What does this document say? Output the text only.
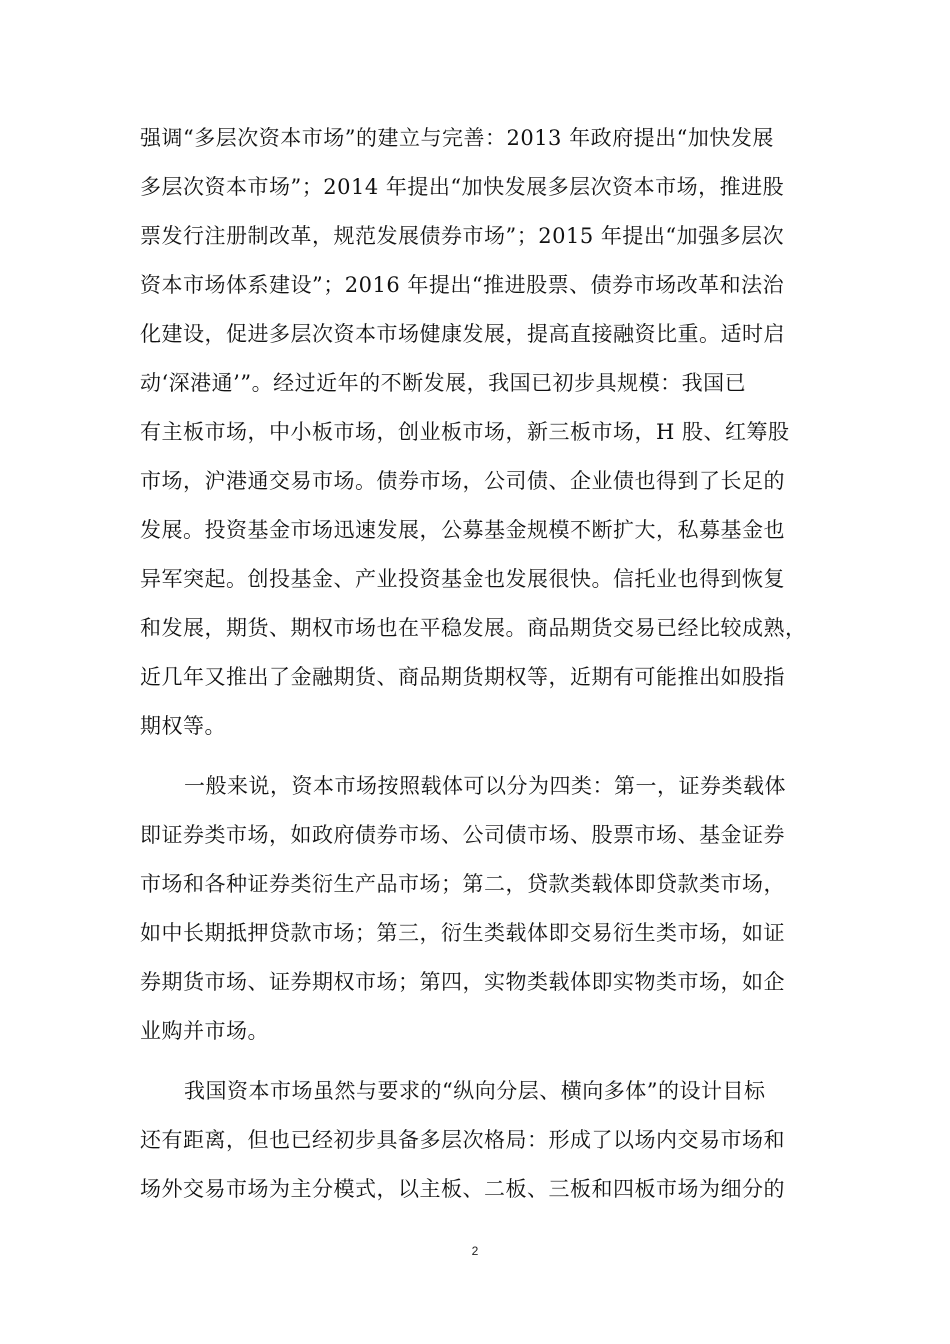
强调“多层次资本市场”的建立与完善：2013 年政府提出“加快发展
多层次资本市场”；2014 年提出“加快发展多层次资本市场，推进股
票发行注册制改革，规范发展债券市场”；2015 年提出“加强多层次
资本市场体系建设”；2016 年提出“推进股票、债券市场改革和法治
化建设，促进多层次资本市场健康发展，提高直接融资比重。适时启
动‘深港通’”。经过近年的不断发展，我国已初步具规模：我国已
有主板市场，中小板市场，创业板市场，新三板市场，H 股、红筹股
市场，沪港通交易市场。债券市场，公司债、企业债也得到了长足的
发展。投资基金市场迅速发展，公募基金规模不断扩大，私募基金也
异军突起。创投基金、产业投资基金也发展很快。信托业也得到恢复
和发展，期货、期权市场也在平稳发展。商品期货交易已经比较成熟，
近几年又推出了金融期货、商品期货期权等，近期有可能推出如股指
期权等。
一般来说，资本市场按照载体可以分为四类：第一，证券类载体
即证券类市场，如政府债券市场、公司债市场、股票市场、基金证券
市场和各种证券类衍生产品市场；第二，贷款类载体即贷款类市场，
如中长期抵押贷款市场；第三，衍生类载体即交易衍生类市场，如证
券期货市场、证券期权市场；第四，实物类载体即实物类市场，如企
业购并市场。
我国资本市场虽然与要求的“纵向分层、横向多体”的设计目标
还有距离，但也已经初步具备多层次格局：形成了以场内交易市场和
场外交易市场为主分模式，以主板、二板、三板和四板市场为细分的
2
